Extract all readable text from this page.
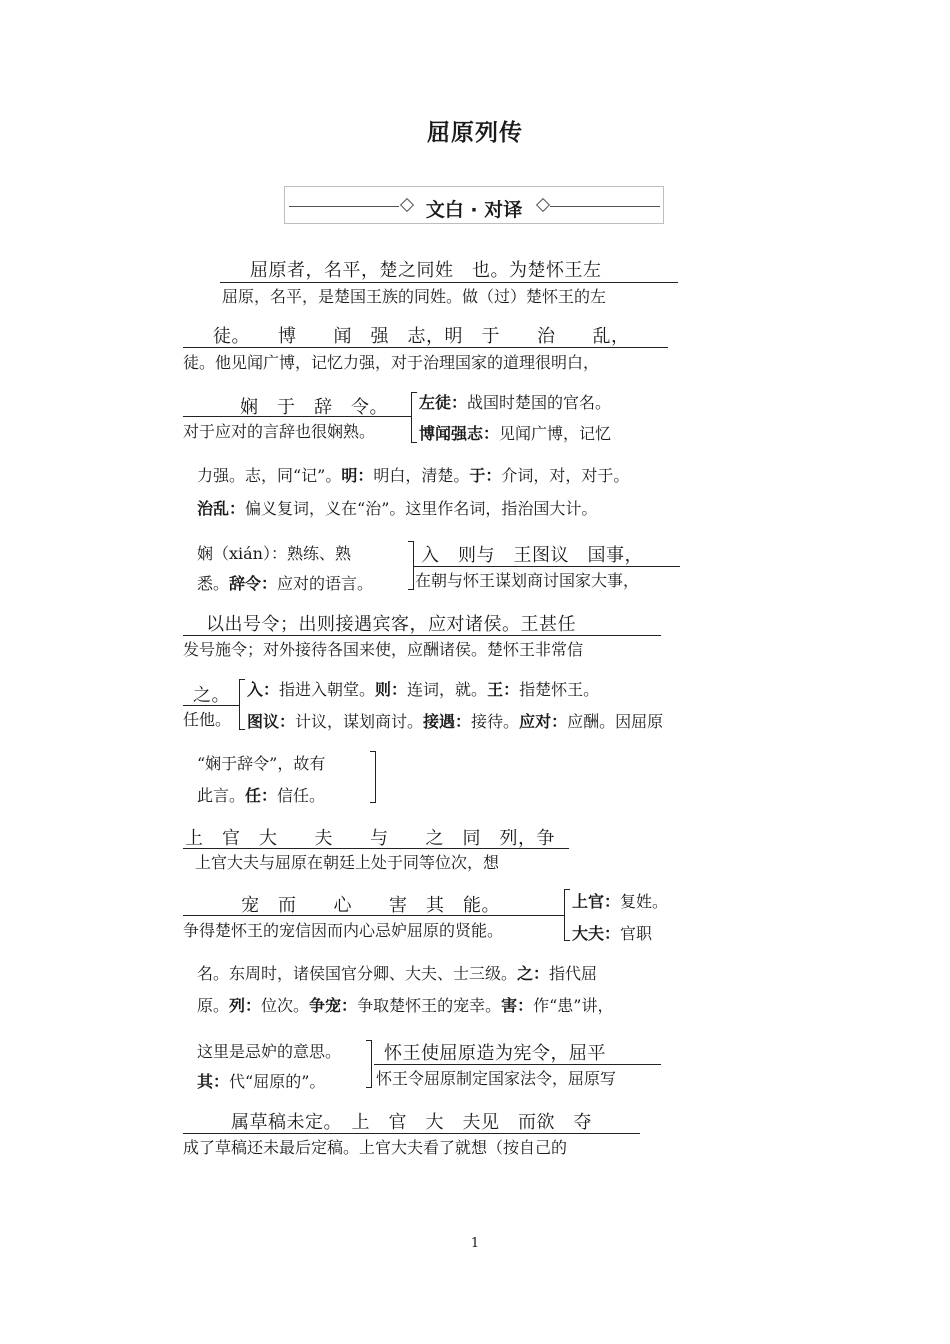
屈原列传
文白 · 对译
屈原者，名平，楚之同姓　也。为楚怀王左
屈原，名平，是楚国王族的同姓。做（过）楚怀王的左
徒。　　博　　闻　强　志，明　于　　治　　乱，
徒。他见闻广博，记忆力强，对于治理国家的道理很明白，
娴　于　辞　令。
对于应对的言辞也很娴熟。
左徒：战国时楚国的官名。
博闻强志：见闻广博，记忆
力强。志，同“记”。明：明白，清楚。于：介词，对，对于。
治乱：偏义复词，义在“治”。这里作名词，指治国大计。
娴（xián）：熟练、熟
悉。辞令：应对的语言。
入　则与　王图议　国事，
在朝与怀王谋划商讨国家大事，
以出号令；出则接遇宾客，应对诸侯。王甚任
发号施令；对外接待各国来使，应酬诸侯。楚怀王非常信
之。
任他。
入：指进入朝堂。则：连词，就。王：指楚怀王。
图议：计议，谋划商讨。接遇：接待。应对：应酬。因屈原
“娴于辞令”，故有
此言。任：信任。
上　官　大　　夫　　与　　之　同　列，争
上官大夫与屈原在朝廷上处于同等位次，想
宠　而　　心　　害　其　能。
争得楚怀王的宠信因而内心忌妒屈原的贤能。
上官：复姓。
大夫：官职
名。东周时，诸侯国官分卿、大夫、士三级。之：指代屈
原。列：位次。争宠：争取楚怀王的宠幸。害：作“患”讲，
这里是忌妒的意思。
其：代“屈原的”。
怀王使屈原造为宪令，屈平
怀王令屈原制定国家法令，屈原写
属草稿未定。　上　官　大　夫见　而欲　夺
成了草稿还未最后定稿。上官大夫看了就想（按自己的
1
